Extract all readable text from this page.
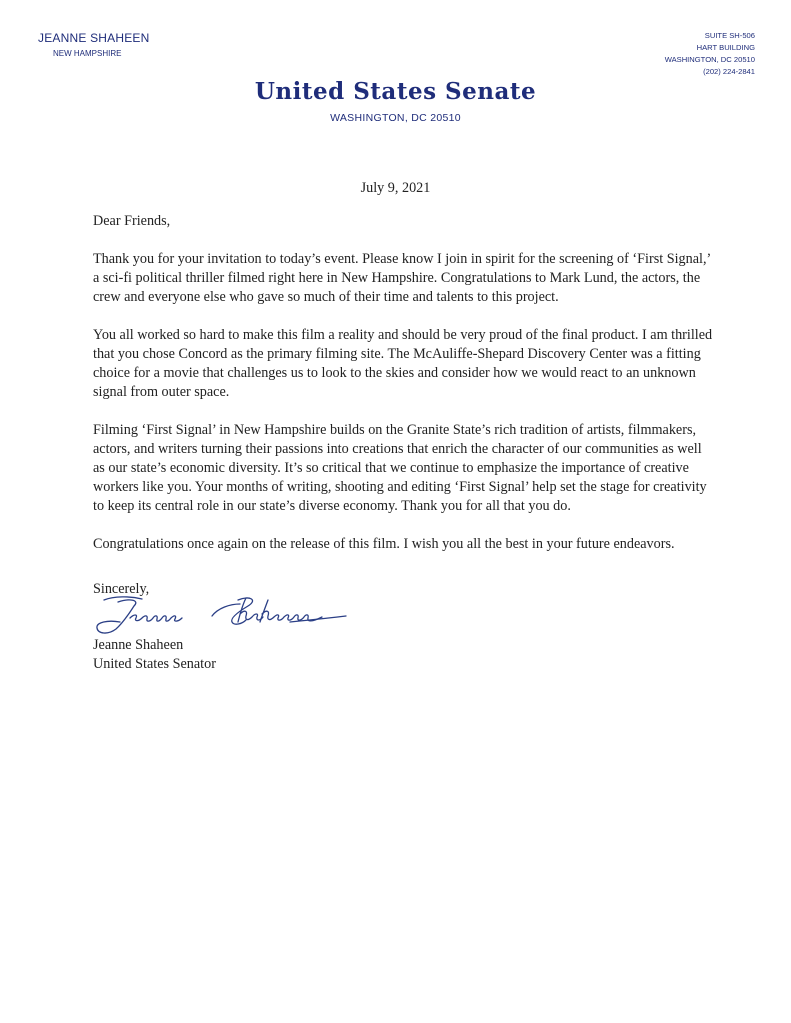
JEANNE SHAHEEN
NEW HAMPSHIRE
SUITE SH-506
HART BUILDING
WASHINGTON, DC 20510
(202) 224-2841
United States Senate
WASHINGTON, DC 20510
July 9, 2021
Dear Friends,

Thank you for your invitation to today’s event. Please know I join in spirit for the screening of ‘First Signal,’ a sci-fi political thriller filmed right here in New Hampshire. Congratulations to Mark Lund, the actors, the crew and everyone else who gave so much of their time and talents to this project.

You all worked so hard to make this film a reality and should be very proud of the final product. I am thrilled that you chose Concord as the primary filming site. The McAuliffe-Shepard Discovery Center was a fitting choice for a movie that challenges us to look to the skies and consider how we would react to an unknown signal from outer space.

Filming ‘First Signal’ in New Hampshire builds on the Granite State’s rich tradition of artists, filmmakers, actors, and writers turning their passions into creations that enrich the character of our communities as well as our state’s economic diversity. It’s so critical that we continue to emphasize the importance of creative workers like you. Your months of writing, shooting and editing ‘First Signal’ help set the stage for creativity to keep its central role in our state’s diverse economy. Thank you for all that you do.

Congratulations once again on the release of this film. I wish you all the best in your future endeavors.

Sincerely,
Jeanne Shaheen
United States Senator
